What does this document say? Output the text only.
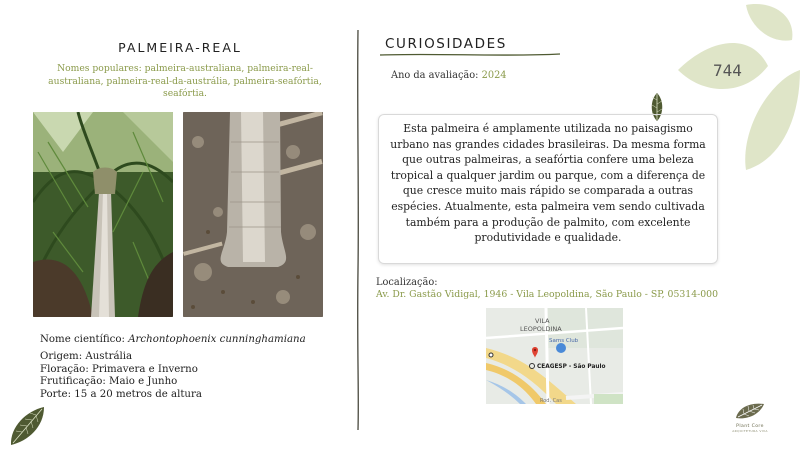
744
PALMEIRA-REAL
Nomes populares: palmeira-australiana, palmeira-real-australiana, palmeira-real-da-austrália, palmeira-seafórtia, seafórtia.
Nome científico: Archontophoenix cunninghamiana
Origem: Austrália
Floração: Primavera e Inverno
Frutificação: Maio e Junho
Porte: 15 a 20 metros de altura
CURIOSIDADES
Ano da avaliação: 2024
Esta palmeira é amplamente utilizada no paisagismo urbano nas grandes cidades brasileiras. Da mesma forma que outras palmeiras, a seafórtia confere uma beleza tropical a qualquer jardim ou parque, com a diferença de que cresce muito mais rápido se comparada a outras espécies. Atualmente, esta palmeira vem sendo cultivada também para a produção de palmito, com excelente produtividade e qualidade.
Localização:
Av. Dr. Gastão Vidigal, 1946 - Vila Leopoldina, São Paulo - SP, 05314-000
VILA
LEOPOLDINA
Sams Club
CEAGESP - São Paulo
Rod. Cas
Plant Core
ARQUITETURA VIVA
